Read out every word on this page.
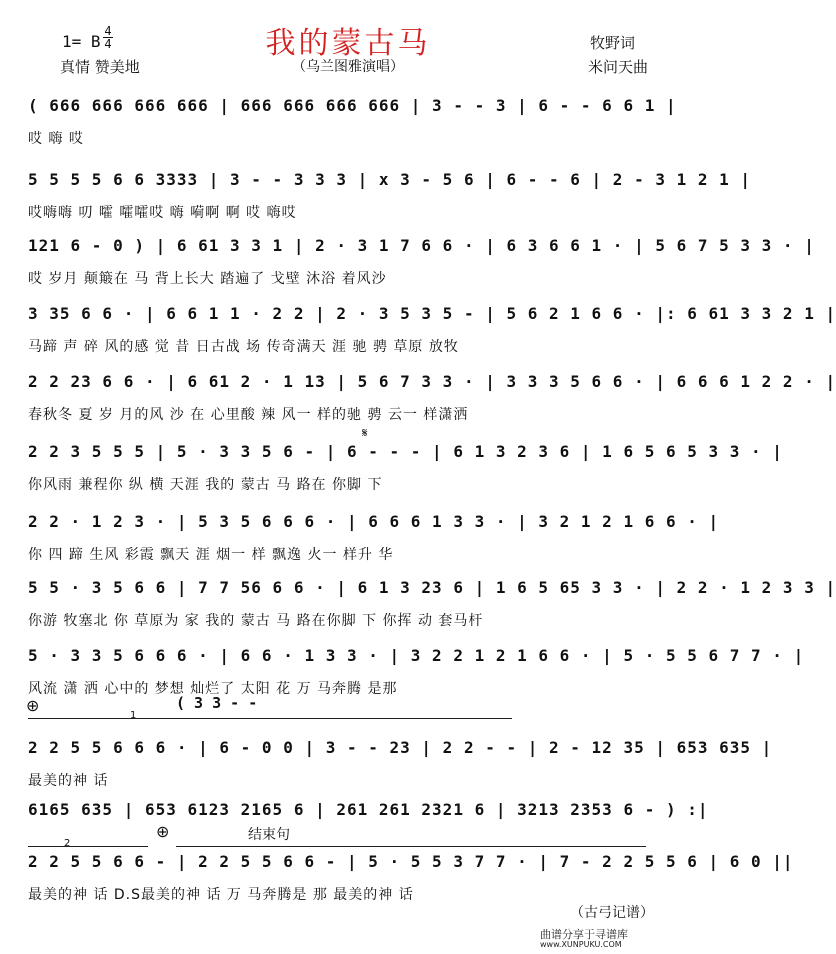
我的蒙古马
（乌兰图雅演唱）
1= B
4
4
真情 赞美地
牧野词
米问天曲
( 666 666 666 666 | 666 666 666 666 | 3 - - 3 | 6 - - 6 6 1 |
哎 嗨 哎
5 5 5 5 6 6 3333 | 3 - - 3 3 3 | x 3 - 5 6 | 6 - - 6 | 2 - 3 1 2 1 |
哎嗨嗨 叨 嚯 嚯嚯哎 嗨 嗬啊 啊 哎 嗨哎
121 6 - 0 ) | 6 61 3 3 1 | 2 · 3 1 7 6 6 · | 6 3 6 6 1 · | 5 6 7 5 3 3 · |
哎 岁月 颠簸在 马 背上长大 踏遍了 戈壁 沐浴 着风沙
3 35 6 6 · | 6 6 1 1 · 2 2 | 2 · 3 5 3 5 - | 5 6 2 1 6 6 · |: 6 61 3 3 2 1 |
马蹄 声 碎 风的感 觉 昔 日古战 场 传奇满天 涯 驰 骋 草原 放牧
2 2 23 6 6 · | 6 61 2 · 1 13 | 5 6 7 3 3 · | 3 3 3 5 6 6 · | 6 6 6 1 2 2 · |
春秋冬 夏 岁 月的风 沙 在 心里酸 辣 风一 样的驰 骋 云一 样潇洒
𝄋
2 2 3 5 5 5 | 5 · 3 3 5 6 - | 6 - - - | 6 1 3 2 3 6 | 1 6 5 6 5 3 3 · |
你风雨 兼程你 纵 横 天涯 我的 蒙古 马 路在 你脚 下
2 2 · 1 2 3 · | 5 3 5 6 6 6 · | 6 6 6 1 3 3 · | 3 2 1 2 1 6 6 · |
你 四 蹄 生风 彩霞 飘天 涯 烟一 样 飘逸 火一 样升 华
5 5 · 3 5 6 6 | 7 7 56 6 6 · | 6 1 3 23 6 | 1 6 5 65 3 3 · | 2 2 · 1 2 3 3 |
你游 牧塞北 你 草原为 家 我的 蒙古 马 路在你脚 下 你挥 动 套马杆
5 · 3 3 5 6 6 6 · | 6 6 · 1 3 3 · | 3 2 2 1 2 1 6 6 · | 5 · 5 5 6 7 7 · |
风流 潇 洒 心中的 梦想 灿烂了 太阳 花 万 马奔腾 是那
⊕	( 3 3 - -
1
2 2 5 5 6 6 6 · | 6 - 0 0 | 3 - - 23 | 2 2 - - | 2 - 12 35 | 653 635 |
最美的神 话
6165 635 | 653 6123 2165 6 | 261 261 2321 6 | 3213 2353 6 - ) :|
2
⊕	结束句
2 2 5 5 6 6 - | 2 2 5 5 6 6 - | 5 · 5 5 3 7 7 · | 7 - 2 2 5 5 6 | 6 0 ||
最美的神 话 D.S最美的神 话 万 马奔腾是 那 最美的神 话
（古弓记谱）
曲谱分享于寻谱库
www.XUNPUKU.COM
